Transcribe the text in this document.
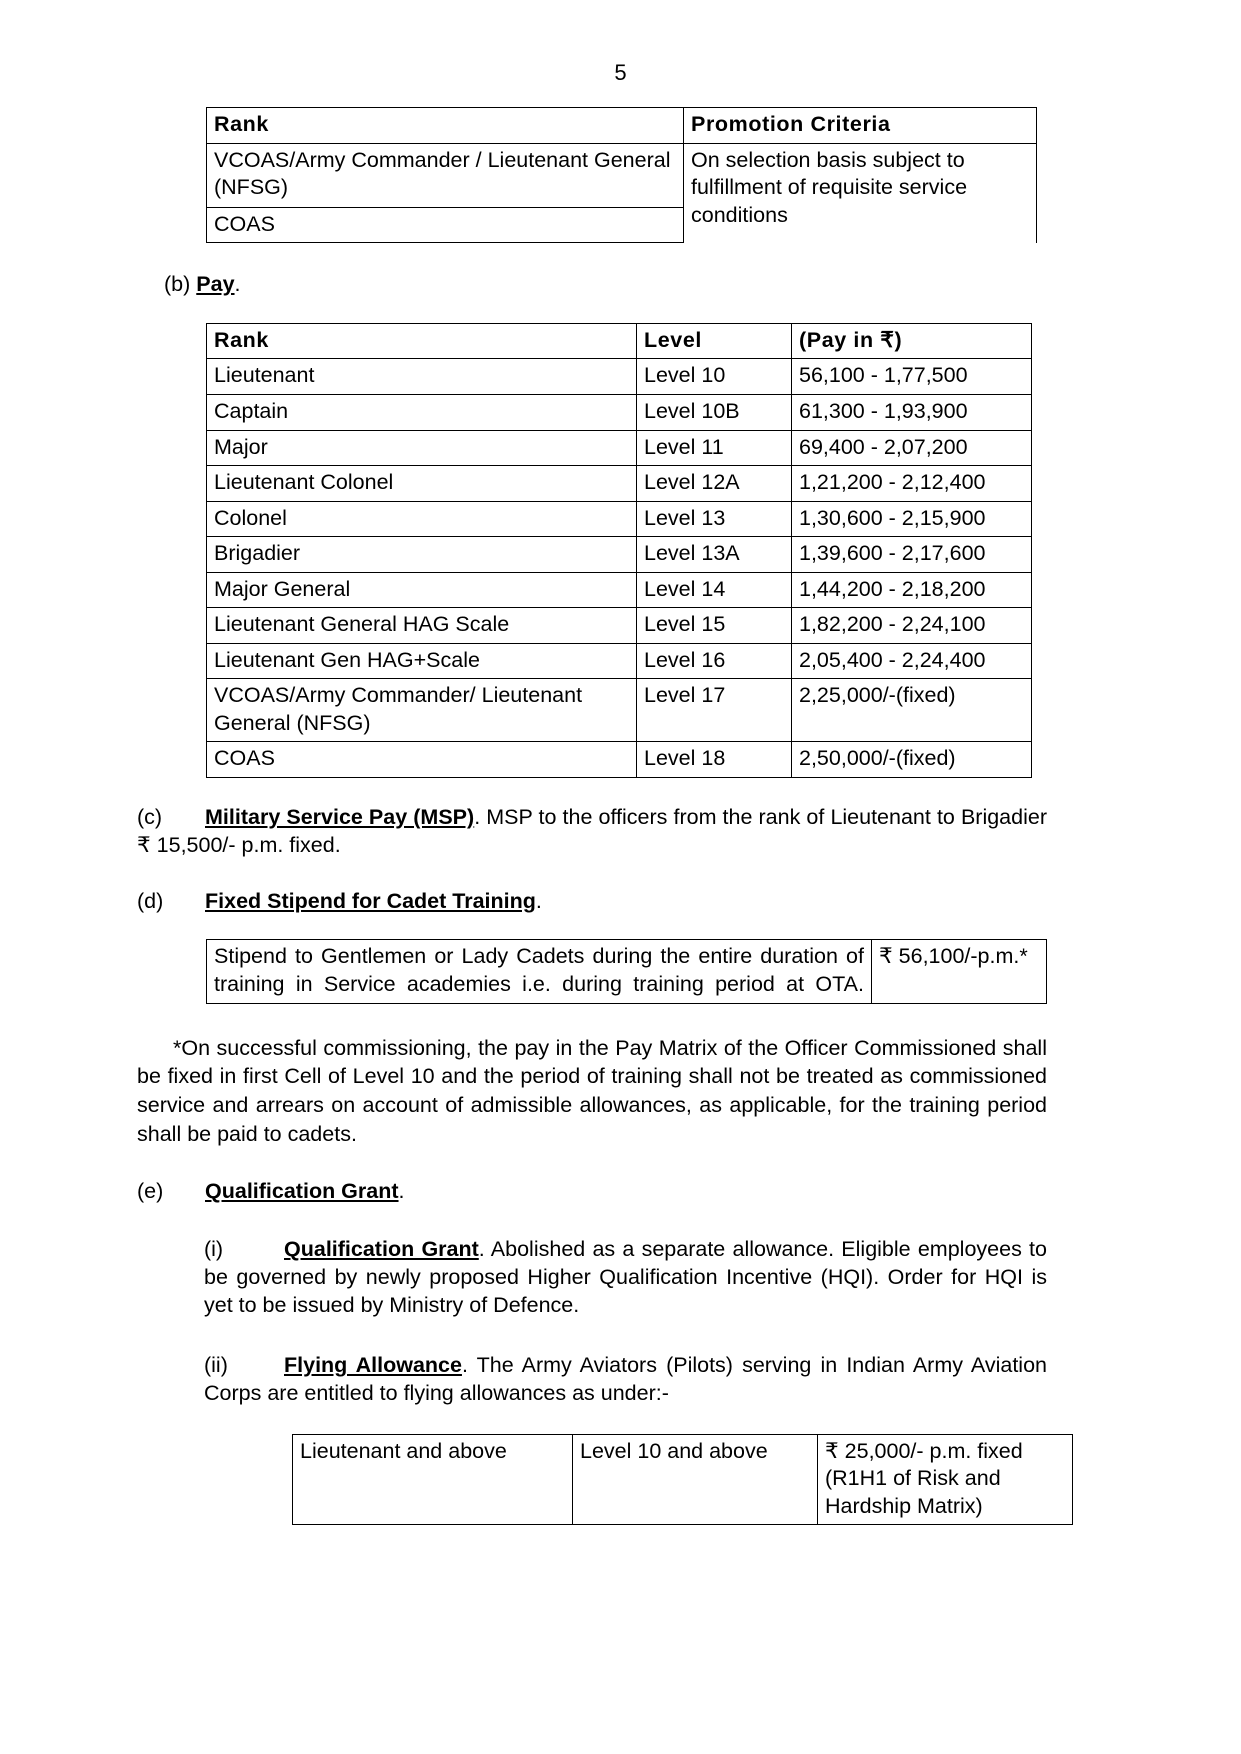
5
Rank	Promotion Criteria
VCOAS/Army Commander / Lieutenant General (NFSG)	On selection basis subject to fulfillment of requisite service conditions
COAS	
(b) Pay.
Rank	Level	(Pay in ₹)
Lieutenant	Level 10	56,100 - 1,77,500
Captain	Level 10B	61,300 - 1,93,900
Major	Level 11	69,400 - 2,07,200
Lieutenant Colonel	Level 12A	1,21,200 - 2,12,400
Colonel	Level 13	1,30,600 - 2,15,900
Brigadier	Level 13A	1,39,600 - 2,17,600
Major General	Level 14	1,44,200 - 2,18,200
Lieutenant General HAG Scale	Level 15	1,82,200 - 2,24,100
Lieutenant Gen HAG+Scale	Level 16	2,05,400 - 2,24,400
VCOAS/Army Commander/ Lieutenant General (NFSG)	Level 17	2,25,000/-(fixed)
COAS	Level 18	2,50,000/-(fixed)
(c) Military Service Pay (MSP). MSP to the officers from the rank of Lieutenant to Brigadier ₹ 15,500/- p.m. fixed.
(d) Fixed Stipend for Cadet Training.
Stipend to Gentlemen or Lady Cadets during the entire duration of training in Service academies i.e. during training period at OTA.	₹ 56,100/-p.m.*
*On successful commissioning, the pay in the Pay Matrix of the Officer Commissioned shall be fixed in first Cell of Level 10 and the period of training shall not be treated as commissioned service and arrears on account of admissible allowances, as applicable, for the training period shall be paid to cadets.
(e) Qualification Grant.
(i)	Qualification Grant. Abolished as a separate allowance. Eligible employees to be governed by newly proposed Higher Qualification Incentive (HQI). Order for HQI is yet to be issued by Ministry of Defence.
(ii)	Flying Allowance. The Army Aviators (Pilots) serving in Indian Army Aviation Corps are entitled to flying allowances as under:-
Lieutenant and above	Level 10 and above	₹ 25,000/- p.m. fixed (R1H1 of Risk and Hardship Matrix)
